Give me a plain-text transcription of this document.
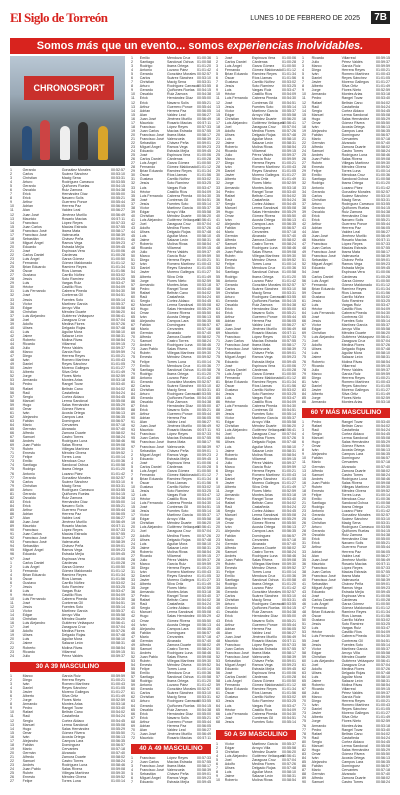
El Siglo de Torreón	LUNES 10 DE FEBRERO DE 2025	7B
Somos más que un evento... somos experiencias inolvidables.
CHRONOSPORT
1	Gerardo	González Morales	00:52:57
2	Carlos	Suárez Sánchez	00:53:10
3	Christian	Macig Sena	00:53:31
4	Arturo	Rodríguez Carrasco	00:53:55
5	Gerardo	Quiñones Ruelas	00:54:15
6	Osvaldo	Ruiz Zamora	00:54:38
7	Erick	Hernández Díaz	00:55:00
8	Erick	Navarro Solís	00:55:21
9	Arthur	Guerrero Ponce	00:55:44
10	Adrian	Herrera Paz	00:56:05
11	Alan	Valdez Leal	00:56:27
12	Juan José	Jiménez Murillo	00:56:49
13	Mauricio	Rosario Macías	00:57:11
14	Francisco	López Reyes	00:57:33
15	Juan Carlos	Macías Estrada	00:57:55
16	Francisco José	Ibarra Mata	00:58:17
17	Francisco José	Valenzuela	00:58:39
18	Sebastián	Chávez Peña	00:59:01
19	Miguel Ángel	Ramos Vega	00:59:23
20	Eduardo	Estrada Mejía	00:59:45
21	José	Espinoza Vera	01:00:06
22	Carlos Daniel	Cárdenas	01:00:28
23	Luis Ángel	Garza Gómez	01:00:50
24	Fernando	Gómez Maldonado	01:01:12
25	Brian Eduardo	Ramírez Reyes	01:01:34
26	Óscar	Ríos Llamas	01:01:56
27	Gustavo	Carrillo Núñez	00:53:02
28	Jesús	Soto Ramírez	00:53:25
29	Luis	Vargas Ruiz	00:53:47
30	Héctor	Castillo Ríos	00:54:09
31	Luis Fernando	Cabrera Pineda	00:54:30
32	José	Contreras Gil	00:54:51
33	Jesús	Fuentes Soto	00:55:14
34	Víctor	Martínez García	00:55:37
35	Edgar	Arroyo Villa	00:55:58
36	Christian	Méndez Duarte	00:56:20
37	Luis Alejandro	Gutiérrez Velázquez	00:56:41
38	Joel	Zaragoza Cruz	00:57:04
39	Adolfo	Medina Flores	00:57:26
40	Ulises	Delgado Rojas	00:57:48
41	Luis	Aguilar Mora	00:58:10
42	Jaime	Salazar León	00:58:31
43	Roberto	Molina Rivas	00:58:54
44	Ricardo	Villarreal	00:59:15
45	Julio	Pérez Valdés	00:59:37
46	Marco	García Ruiz	00:59:59
47	Diego	Herrera Reyes	01:00:21
48	Iván	Romero Martínez	01:00:43
49	Daniel	Reyes Sánchez	01:01:05
50	Javier	Moreno Gallegos	01:01:27
51	Alberto	Silva Ortiz	01:01:49
52	Jorge	Flores Nieto	00:52:59
53	Armando	Montes Arias	00:53:18
54	Pedro	Rangel Tovar	00:53:40
55	Rafael	Beltrán Cano	00:54:02
56	Raúl	Castañeda	00:54:24
57	Sergio	Cortez Aldaco	00:54:45
58	Manuel	Lerma Sandoval	00:55:08
59	Hugo	Salas Hernández	00:55:29
60	Omar	Gómez Rivera	00:55:50
61	Iván	Acosta Ortega	00:56:13
62	Alejandro	Campos Lara	00:56:35
63	Fabián	Domínguez	00:56:57
64	Mario	Cervantes	00:57:18
65	Germán	Alvarado	00:57:40
66	Alfredo	Zamora Duarte	00:58:02
67	Samuel	Castro Torres	00:58:24
68	Andrés	Rodríguez Luna	00:58:46
69	Juan Pablo	Salas Rivera	00:59:08
70	Rubén	Villegas Martínez	00:59:30
71	Ernesto	Méndez Olvera	00:59:52
72	Felipe	Torres Luna	01:00:14
73	Emilio	Mendoza Cruz	01:00:36
74	Santiago	Sandoval Ochoa	01:00:58
75	Rodrigo	Ibarra Ortega	01:01:20
76	Antonio	Lozano Páez	01:01:42
77	Gerardo	González Morales	00:52:57
78	Carlos	Suárez Sánchez	00:53:10
79	Christian	Macig Sena	00:53:31
80	Arturo	Rodríguez Carrasco	00:53:55
81	Gerardo	Quiñones Ruelas	00:54:15
82	Osvaldo	Ruiz Zamora	00:54:38
83	Erick	Hernández Díaz	00:55:00
84	Erick	Navarro Solís	00:55:21
85	Arthur	Guerrero Ponce	00:55:44
86	Adrian	Herrera Paz	00:56:05
87	Alan	Valdez Leal	00:56:27
88	Juan José	Jiménez Murillo	00:56:49
89	Mauricio	Rosario Macías	00:57:11
90	Francisco	López Reyes	00:57:33
91	Juan Carlos	Macías Estrada	00:57:55
92	Francisco José	Ibarra Mata	00:58:17
93	Francisco José	Valenzuela	00:58:39
94	Sebastián	Chávez Peña	00:59:01
95	Miguel Ángel	Ramos Vega	00:59:23
96	Eduardo	Estrada Mejía	00:59:45
97	José	Espinoza Vera	01:00:06
1	Carlos Daniel	Cárdenas	01:00:28
2	Luis Ángel	Garza Gómez	01:00:50
3	Fernando	Gómez Maldonado	01:01:12
4	Brian Eduardo	Ramírez Reyes	01:01:34
5	Óscar	Ríos Llamas	01:01:56
6	Gustavo	Carrillo Núñez	00:53:02
7	Jesús	Soto Ramírez	00:53:25
8	Luis	Vargas Ruiz	00:53:47
9	Héctor	Castillo Ríos	00:54:09
10	Luis Fernando	Cabrera Pineda	00:54:30
11	José	Contreras Gil	00:54:51
12	Jesús	Fuentes Soto	00:55:14
13	Víctor	Martínez García	00:55:37
14	Edgar	Arroyo Villa	00:55:58
15	Christian	Méndez Duarte	00:56:20
16	Luis Alejandro	Gutiérrez Velázquez	00:56:41
17	Joel	Zaragoza Cruz	00:57:04
18	Adolfo	Medina Flores	00:57:26
19	Ulises	Delgado Rojas	00:57:48
20	Luis	Aguilar Mora	00:58:10
21	Jaime	Salazar León	00:58:31
22	Roberto	Molina Rivas	00:58:54
23	Ricardo	Villarreal	00:59:15
24	Julio	Pérez Valdés	00:59:37
30 A 39 MASCULINO
1	Marco	García Ruiz	00:59:59
2	Diego	Herrera Reyes	01:00:21
3	Iván	Romero Martínez	01:00:43
4	Daniel	Reyes Sánchez	01:01:05
5	Javier	Moreno Gallegos	01:01:27
6	Alberto	Silva Ortiz	01:01:49
7	Jorge	Flores Nieto	00:52:59
8	Armando	Montes Arias	00:53:18
9	Pedro	Rangel Tovar	00:53:40
10	Rafael	Beltrán Cano	00:54:02
11	Raúl	Castañeda	00:54:24
12	Sergio	Cortez Aldaco	00:54:45
13	Manuel	Lerma Sandoval	00:55:08
14	Hugo	Salas Hernández	00:55:29
15	Omar	Gómez Rivera	00:55:50
16	Iván	Acosta Ortega	00:56:13
17	Alejandro	Campos Lara	00:56:35
18	Fabián	Domínguez	00:56:57
19	Mario	Cervantes	00:57:18
20	Germán	Alvarado	00:57:40
21	Alfredo	Zamora Duarte	00:58:02
22	Samuel	Castro Torres	00:58:24
23	Andrés	Rodríguez Luna	00:58:46
24	Juan Pablo	Salas Rivera	00:59:08
25	Rubén	Villegas Martínez	00:59:30
26	Ernesto	Méndez Olvera	00:59:52
27	Felipe	Torres Luna	01:00:14
1	Emilio	Mendoza Cruz	01:00:36
2	Santiago	Sandoval Ochoa 01:00:58
3	Rodrigo	Ibarra Ortega	01:01:20
4	Antonio	Lozano Páez	01:01:42
5	Gerardo	González Morales 00:52:57
6	Carlos	Suárez Sánchez	00:53:10
7	Christian	Macig Sena	00:53:31
8	Arturo	Rodríguez Carrasco
00:53:55
9	Gerardo	Quiñones Ruelas 00:54:15
10	Osvaldo	Ruiz Zamora	00:54:38
11	Erick	Hernández Díaz	00:55:00
12	Erick	Navarro Solís	00:55:21
13	Arthur	Guerrero Ponce	00:55:44
14	Adrian	Herrera Paz	00:56:05
15	Alan	Valdez Leal	00:56:27
16	Juan José	Jiménez Murillo	00:56:49
17	Mauricio	Rosario Macías	00:57:11
18	Francisco	López Reyes	00:57:33
19	Juan Carlos	Macías Estrada	00:57:55
20	Francisco José Ibarra Mata	00:58:17
21	Francisco José Valenzuela	00:58:39
22	Sebastián	Chávez Peña	00:59:01
23	Miguel Ángel	Ramos Vega	00:59:23
24	Eduardo	Estrada Mejía	00:59:45
25	José	Espinoza Vera	01:00:06
26	Carlos Daniel	Cárdenas	01:00:28
27	Luis Ángel	Garza Gómez	01:00:50
28	Fernando	Gómez Maldonado 01:01:12
29	Brian Eduardo	Ramírez Reyes	01:01:34
30	Óscar	Ríos Llamas	01:01:56
31	Gustavo	Carrillo Núñez	00:53:02
32	Jesús	Soto Ramírez	00:53:25
33	Luis	Vargas Ruiz	00:53:47
34	Héctor	Castillo Ríos	00:54:09
35	Luis Fernando	Cabrera Pineda	00:54:30
36	José	Contreras Gil	00:54:51
37	Jesús	Fuentes Soto	00:55:14
38	Víctor	Martínez García	00:55:37
39	Edgar	Arroyo Villa	00:55:58
40	Christian	Méndez Duarte	00:56:20
41	Luis Alejandro	Gutiérrez Velázquez
00:56:41
42	Joel	Zaragoza Cruz	00:57:04
43	Adolfo	Medina Flores	00:57:26
44	Ulises	Delgado Rojas	00:57:48
45	Luis	Aguilar Mora	00:58:10
46	Jaime	Salazar León	00:58:31
47	Roberto	Molina Rivas	00:58:54
48	Ricardo	Villarreal	00:59:15
49	Julio	Pérez Valdés	00:59:37
50	Marco	García Ruiz	00:59:59
51	Diego	Herrera Reyes	01:00:21
52	Iván	Romero Martínez 01:00:43
53	Daniel	Reyes Sánchez	01:01:05
54	Javier	Moreno Gallegos 01:01:27
55	Alberto	Silva Ortiz	01:01:49
56	Jorge	Flores Nieto	00:52:59
57	Armando	Montes Arias	00:53:18
58	Pedro	Rangel Tovar	00:53:40
59	Rafael	Beltrán Cano	00:54:02
60	Raúl	Castañeda	00:54:24
61	Sergio	Cortez Aldaco	00:54:45
62	Manuel	Lerma Sandoval	00:55:08
63	Hugo	Salas Hernández 00:55:29
64	Omar	Gómez Rivera	00:55:50
65	Iván	Acosta Ortega	00:56:13
66	Alejandro	Campos Lara	00:56:35
67	Fabián	Domínguez	00:56:57
68	Mario	Cervantes	00:57:18
69	Germán	Alvarado	00:57:40
70	Alfredo	Zamora Duarte	00:58:02
71	Samuel	Castro Torres	00:58:24
72	Andrés	Rodríguez Luna	00:58:46
73	Juan Pablo	Salas Rivera	00:59:08
74	Rubén	Villegas Martínez 00:59:30
75	Ernesto	Méndez Olvera	00:59:52
76	Felipe	Torres Luna	01:00:14
77	Emilio	Mendoza Cruz	01:00:36
78	Santiago	Sandoval Ochoa 01:00:58
79	Rodrigo	Ibarra Ortega	01:01:20
80	Antonio	Lozano Páez	01:01:42
81	Gerardo	González Morales 00:52:57
82	Carlos	Suárez Sánchez	00:53:10
83	Christian	Macig Sena	00:53:31
84	Arturo	Rodríguez Carrasco
00:53:55
85	Gerardo	Quiñones Ruelas 00:54:15
86	Osvaldo	Ruiz Zamora	00:54:38
87	Erick	Hernández Díaz	00:55:00
88	Erick	Navarro Solís	00:55:21
89	Arthur	Guerrero Ponce	00:55:44
90	Adrian	Herrera Paz	00:56:05
91	Alan	Valdez Leal	00:56:27
92	Juan José	Jiménez Murillo	00:56:49
93	Mauricio	Rosario Macías	00:57:11
94	Francisco	López Reyes	00:57:33
95	Juan Carlos	Macías Estrada	00:57:55
96	Francisco José Ibarra Mata	00:58:17
97	Francisco José Valenzuela	00:58:39
1	Sebastián	Chávez Peña	00:59:01
2	Miguel Ángel	Ramos Vega	00:59:23
3	Eduardo	Estrada Mejía	00:59:45
4	José	Espinoza Vera	01:00:06
5	Carlos Daniel	Cárdenas	01:00:28
6	Luis Ángel	Garza Gómez	01:00:50
7	Fernando	Gómez Maldonado 01:01:12
8	Brian Eduardo	Ramírez Reyes	01:01:34
9	Óscar	Ríos Llamas	01:01:56
10	Gustavo	Carrillo Núñez	00:53:02
11	Jesús	Soto Ramírez	00:53:25
12	Luis	Vargas Ruiz	00:53:47
13	Héctor	Castillo Ríos	00:54:09
14	Luis Fernando	Cabrera Pineda	00:54:30
15	José	Contreras Gil	00:54:51
16	Jesús	Fuentes Soto	00:55:14
17	Víctor	Martínez García	00:55:37
18	Edgar	Arroyo Villa	00:55:58
19	Christian	Méndez Duarte	00:56:20
20	Luis Alejandro	Gutiérrez Velázquez
00:56:41
21	Joel	Zaragoza Cruz	00:57:04
22	Adolfo	Medina Flores	00:57:26
23	Ulises	Delgado Rojas	00:57:48
24	Luis	Aguilar Mora	00:58:10
25	Jaime	Salazar León	00:58:31
26	Roberto	Molina Rivas	00:58:54
27	Ricardo	Villarreal	00:59:15
28	Julio	Pérez Valdés	00:59:37
29	Marco	García Ruiz	00:59:59
30	Diego	Herrera Reyes	01:00:21
31	Iván	Romero Martínez 01:00:43
32	Daniel	Reyes Sánchez	01:01:05
33	Javier	Moreno Gallegos 01:01:27
34	Alberto	Silva Ortiz	01:01:49
35	Jorge	Flores Nieto	00:52:59
36	Armando	Montes Arias	00:53:18
37	Pedro	Rangel Tovar	00:53:40
38	Rafael	Beltrán Cano	00:54:02
39	Raúl	Castañeda	00:54:24
40	Sergio	Cortez Aldaco	00:54:45
41	Manuel	Lerma Sandoval	00:55:08
42	Hugo	Salas Hernández 00:55:29
43	Omar	Gómez Rivera	00:55:50
44	Iván	Acosta Ortega	00:56:13
45	Alejandro	Campos Lara	00:56:35
46	Fabián	Domínguez	00:56:57
47	Mario	Cervantes	00:57:18
48	Germán	Alvarado	00:57:40
49	Alfredo	Zamora Duarte	00:58:02
50	Samuel	Castro Torres	00:58:24
51	Andrés	Rodríguez Luna	00:58:46
52	Juan Pablo	Salas Rivera	00:59:08
53	Rubén	Villegas Martínez 00:59:30
54	Ernesto	Méndez Olvera	00:59:52
55	Felipe	Torres Luna	01:00:14
56	Emilio	Mendoza Cruz	01:00:36
57	Santiago	Sandoval Ochoa 01:00:58
58	Rodrigo	Ibarra Ortega	01:01:20
59	Antonio	Lozano Páez	01:01:42
60	Gerardo	González Morales 00:52:57
61	Carlos	Suárez Sánchez	00:53:10
62	Christian	Macig Sena	00:53:31
63	Arturo	Rodríguez Carrasco
00:53:55
64	Gerardo	Quiñones Ruelas 00:54:15
65	Osvaldo	Ruiz Zamora	00:54:38
66	Erick	Hernández Díaz	00:55:00
67	Erick	Navarro Solís	00:55:21
68	Arthur	Guerrero Ponce	00:55:44
69	Adrian	Herrera Paz	00:56:05
70	Alan	Valdez Leal	00:56:27
71	Juan José	Jiménez Murillo	00:56:49
72	Mauricio	Rosario Macías	00:57:11
40 A 49 MASCULINO
1	Francisco	López Reyes	00:57:33
2	Juan Carlos	Macías Estrada	00:57:55
3	Francisco José Ibarra Mata	00:58:17
4	Francisco José Valenzuela	00:58:39
5	Sebastián	Chávez Peña	00:59:01
6	Miguel Ángel	Ramos Vega	00:59:23
7	Eduardo	Estrada Mejía	00:59:45
1	José	Espinoza Vera	01:00:06
2	Carlos Daniel	Cárdenas	01:00:28
3	Luis Ángel	Garza Gómez	01:00:50
4	Fernando	Gómez Maldonado 01:01:12
5	Brian Eduardo	Ramírez Reyes	01:01:34
6	Óscar	Ríos Llamas	01:01:56
7	Gustavo	Carrillo Núñez	00:53:02
8	Jesús	Soto Ramírez	00:53:25
9	Luis	Vargas Ruiz	00:53:47
10	Héctor	Castillo Ríos	00:54:09
11	Luis Fernando	Cabrera Pineda	00:54:30
12	José	Contreras Gil	00:54:51
13	Jesús	Fuentes Soto	00:55:14
14	Víctor	Martínez García	00:55:37
15	Edgar	Arroyo Villa	00:55:58
16	Christian	Méndez Duarte	00:56:20
17	Luis Alejandro	Gutiérrez Velázquez
00:56:41
18	Joel	Zaragoza Cruz	00:57:04
19	Adolfo	Medina Flores	00:57:26
20	Ulises	Delgado Rojas	00:57:48
21	Luis	Aguilar Mora	00:58:10
22	Jaime	Salazar León	00:58:31
23	Roberto	Molina Rivas	00:58:54
24	Ricardo	Villarreal	00:59:15
25	Julio	Pérez Valdés	00:59:37
26	Marco	García Ruiz	00:59:59
27	Diego	Herrera Reyes	01:00:21
28	Iván	Romero Martínez 01:00:43
29	Daniel	Reyes Sánchez	01:01:05
30	Javier	Moreno Gallegos 01:01:27
31	Alberto	Silva Ortiz	01:01:49
32	Jorge	Flores Nieto	00:52:59
33	Armando	Montes Arias	00:53:18
34	Pedro	Rangel Tovar	00:53:40
35	Rafael	Beltrán Cano	00:54:02
36	Raúl	Castañeda	00:54:24
37	Sergio	Cortez Aldaco	00:54:45
38	Manuel	Lerma Sandoval	00:55:08
39	Hugo	Salas Hernández 00:55:29
40	Omar	Gómez Rivera	00:55:50
41	Iván	Acosta Ortega	00:56:13
42	Alejandro	Campos Lara	00:56:35
43	Fabián	Domínguez	00:56:57
44	Mario	Cervantes	00:57:18
45	Germán	Alvarado	00:57:40
46	Alfredo	Zamora Duarte	00:58:02
47	Samuel	Castro Torres	00:58:24
48	Andrés	Rodríguez Luna	00:58:46
49	Juan Pablo	Salas Rivera	00:59:08
50	Rubén	Villegas Martínez 00:59:30
51	Ernesto	Méndez Olvera	00:59:52
52	Felipe	Torres Luna	01:00:14
53	Emilio	Mendoza Cruz	01:00:36
54	Santiago	Sandoval Ochoa 01:00:58
55	Rodrigo	Ibarra Ortega	01:01:20
56	Antonio	Lozano Páez	01:01:42
57	Gerardo	González Morales 00:52:57
58	Carlos	Suárez Sánchez	00:53:10
59	Christian	Macig Sena	00:53:31
60	Arturo	Rodríguez Carrasco
00:53:55
61	Gerardo	Quiñones Ruelas 00:54:15
62	Osvaldo	Ruiz Zamora	00:54:38
63	Erick	Hernández Díaz	00:55:00
64	Erick	Navarro Solís	00:55:21
65	Arthur	Guerrero Ponce	00:55:44
66	Adrian	Herrera Paz	00:56:05
67	Alan	Valdez Leal	00:56:27
68	Juan José	Jiménez Murillo	00:56:49
69	Mauricio	Rosario Macías	00:57:11
70	Francisco	López Reyes	00:57:33
71	Juan Carlos	Macías Estrada	00:57:55
72	Francisco José Ibarra Mata	00:58:17
73	Francisco José Valenzuela	00:58:39
74	Sebastián	Chávez Peña	00:59:01
75	Miguel Ángel	Ramos Vega	00:59:23
76	Eduardo	Estrada Mejía	00:59:45
77	José	Espinoza Vera	01:00:06
78	Carlos Daniel	Cárdenas	01:00:28
79	Luis Ángel	Garza Gómez	01:00:50
80	Fernando	Gómez Maldonado 01:01:12
81	Brian Eduardo	Ramírez Reyes	01:01:34
82	Óscar	Ríos Llamas	01:01:56
83	Gustavo	Carrillo Núñez	00:53:02
84	Jesús	Soto Ramírez	00:53:25
85	Luis	Vargas Ruiz	00:53:47
86	Héctor	Castillo Ríos	00:54:09
87	Luis Fernando	Cabrera Pineda	00:54:30
88	José	Contreras Gil	00:54:51
89	Jesús	Fuentes Soto	00:55:14
90	Víctor	Martínez García	00:55:37
91	Edgar	Arroyo Villa	00:55:58
92	Christian	Méndez Duarte	00:56:20
93	Luis Alejandro	Gutiérrez Velázquez
00:56:41
94	Joel	Zaragoza Cruz	00:57:04
95	Adolfo	Medina Flores	00:57:26
96	Ulises	Delgado Rojas	00:57:48
97	Luis	Aguilar Mora	00:58:10
1	Jaime	Salazar León	00:58:31
2	Roberto	Molina Rivas	00:58:54
3	Ricardo	Villarreal	00:59:15
4	Julio	Pérez Valdés	00:59:37
5	Marco	García Ruiz	00:59:59
6	Diego	Herrera Reyes	01:00:21
7	Iván	Romero Martínez 01:00:43
8	Daniel	Reyes Sánchez	01:01:05
9	Javier	Moreno Gallegos 01:01:27
10	Alberto	Silva Ortiz	01:01:49
11	Jorge	Flores Nieto	00:52:59
12	Armando	Montes Arias	00:53:18
13	Pedro	Rangel Tovar	00:53:40
14	Rafael	Beltrán Cano	00:54:02
15	Raúl	Castañeda	00:54:24
16	Sergio	Cortez Aldaco	00:54:45
17	Manuel	Lerma Sandoval	00:55:08
18	Hugo	Salas Hernández 00:55:29
19	Omar	Gómez Rivera	00:55:50
20	Iván	Acosta Ortega	00:56:13
21	Alejandro	Campos Lara	00:56:35
22	Fabián	Domínguez	00:56:57
23	Mario	Cervantes	00:57:18
24	Germán	Alvarado	00:57:40
25	Alfredo	Zamora Duarte	00:58:02
26	Samuel	Castro Torres	00:58:24
27	Andrés	Rodríguez Luna	00:58:46
28	Juan Pablo	Salas Rivera	00:59:08
29	Rubén	Villegas Martínez 00:59:30
30	Ernesto	Méndez Olvera	00:59:52
31	Felipe	Torres Luna	01:00:14
32	Emilio	Mendoza Cruz	01:00:36
33	Santiago	Sandoval Ochoa 01:00:58
34	Rodrigo	Ibarra Ortega	01:01:20
35	Antonio	Lozano Páez	01:01:42
36	Gerardo	González Morales 00:52:57
37	Carlos	Suárez Sánchez	00:53:10
38	Christian	Macig Sena	00:53:31
39	Arturo	Rodríguez Carrasco
00:53:55
40	Gerardo	Quiñones Ruelas 00:54:15
41	Osvaldo	Ruiz Zamora	00:54:38
42	Erick	Hernández Díaz	00:55:00
43	Erick	Navarro Solís	00:55:21
44	Arthur	Guerrero Ponce	00:55:44
45	Adrian	Herrera Paz	00:56:05
46	Alan	Valdez Leal	00:56:27
47	Juan José	Jiménez Murillo	00:56:49
48	Mauricio	Rosario Macías	00:57:11
49	Francisco	López Reyes	00:57:33
50	Juan Carlos	Macías Estrada	00:57:55
51	Francisco José Ibarra Mata	00:58:17
52	Francisco José Valenzuela	00:58:39
53	Sebastián	Chávez Peña	00:59:01
54	Miguel Ángel	Ramos Vega	00:59:23
55	Eduardo	Estrada Mejía	00:59:45
56	José	Espinoza Vera	01:00:06
57	Carlos Daniel	Cárdenas	01:00:28
58	Luis Ángel	Garza Gómez	01:00:50
59	Fernando	Gómez Maldonado 01:01:12
60	Brian Eduardo	Ramírez Reyes	01:01:34
61	Óscar	Ríos Llamas	01:01:56
62	Gustavo	Carrillo Núñez	00:53:02
63	Jesús	Soto Ramírez	00:53:25
64	Luis	Vargas Ruiz	00:53:47
65	Héctor	Castillo Ríos	00:54:09
66	Luis Fernando	Cabrera Pineda	00:54:30
67	José	Contreras Gil	00:54:51
68	Jesús	Fuentes Soto	00:55:14
50 A 59 MASCULINO
1	Víctor	Martínez García	00:55:37
2	Edgar	Arroyo Villa	00:55:58
3	Christian	Méndez Duarte	00:56:20
4	Luis Alejandro	Gutiérrez Velázquez
00:56:41
5	Joel	Zaragoza Cruz	00:57:04
6	Adolfo	Medina Flores	00:57:26
7	Ulises	Delgado Rojas	00:57:48
8	Luis	Aguilar Mora	00:58:10
9	Jaime	Salazar León	00:58:31
10	Roberto	Molina Rivas	00:58:54
1	Ricardo	Villarreal	00:59:15
2	Julio	Pérez Valdés	00:59:37
3	Marco	García Ruiz	00:59:59
4	Diego	Herrera Reyes	01:00:21
5	Iván	Romero Martínez	01:00:43
6	Daniel	Reyes Sánchez	01:01:05
7	Javier	Moreno Gallegos	01:01:27
8	Alberto	Silva Ortiz	01:01:49
9	Jorge	Flores Nieto	00:52:59
10	Armando	Montes Arias	00:53:18
11	Pedro	Rangel Tovar	00:53:40
12	Rafael	Beltrán Cano	00:54:02
13	Raúl	Castañeda	00:54:24
14	Sergio	Cortez Aldaco	00:54:45
15	Manuel	Lerma Sandoval	00:55:08
16	Hugo	Salas Hernández	00:55:29
17	Omar	Gómez Rivera	00:55:50
18	Iván	Acosta Ortega	00:56:13
19	Alejandro	Campos Lara	00:56:35
20	Fabián	Domínguez	00:56:57
21	Mario	Cervantes	00:57:18
22	Germán	Alvarado	00:57:40
23	Alfredo	Zamora Duarte	00:58:02
24	Samuel	Castro Torres	00:58:24
25	Andrés	Rodríguez Luna	00:58:46
26	Juan Pablo	Salas Rivera	00:59:08
27	Rubén	Villegas Martínez	00:59:30
28	Ernesto	Méndez Olvera	00:59:52
29	Felipe	Torres Luna	01:00:14
30	Emilio	Mendoza Cruz	01:00:36
31	Santiago	Sandoval Ochoa	01:00:58
32	Rodrigo	Ibarra Ortega	01:01:20
33	Antonio	Lozano Páez	01:01:42
34	Gerardo	González Morales	00:52:57
35	Carlos	Suárez Sánchez	00:53:10
36	Christian	Macig Sena	00:53:31
37	Arturo	Rodríguez Carrasco 00:53:55
38	Gerardo	Quiñones Ruelas	00:54:15
39	Osvaldo	Ruiz Zamora	00:54:38
40	Erick	Hernández Díaz	00:55:00
41	Erick	Navarro Solís	00:55:21
42	Arthur	Guerrero Ponce	00:55:44
43	Adrian	Herrera Paz	00:56:05
44	Alan	Valdez Leal	00:56:27
45	Juan José	Jiménez Murillo	00:56:49
46	Mauricio	Rosario Macías	00:57:11
47	Francisco	López Reyes	00:57:33
48	Juan Carlos	Macías Estrada	00:57:55
49	Francisco José	Ibarra Mata	00:58:17
50	Francisco José	Valenzuela	00:58:39
51	Sebastián	Chávez Peña	00:59:01
52	Miguel Ángel	Ramos Vega	00:59:23
53	Eduardo	Estrada Mejía	00:59:45
54	José	Espinoza Vera	01:00:06
55	Carlos Daniel	Cárdenas	01:00:28
56	Luis Ángel	Garza Gómez	01:00:50
57	Fernando	Gómez Maldonado	01:01:12
58	Brian Eduardo	Ramírez Reyes	01:01:34
59	Óscar	Ríos Llamas	01:01:56
60	Gustavo	Carrillo Núñez	00:53:02
61	Jesús	Soto Ramírez	00:53:25
62	Luis	Vargas Ruiz	00:53:47
63	Héctor	Castillo Ríos	00:54:09
64	Luis Fernando	Cabrera Pineda	00:54:30
65	José	Contreras Gil	00:54:51
66	Jesús	Fuentes Soto	00:55:14
67	Víctor	Martínez García	00:55:37
68	Edgar	Arroyo Villa	00:55:58
69	Christian	Méndez Duarte	00:56:20
70	Luis Alejandro	Gutiérrez Velázquez 00:56:41
71	Joel	Zaragoza Cruz	00:57:04
72	Adolfo	Medina Flores	00:57:26
73	Ulises	Delgado Rojas	00:57:48
74	Luis	Aguilar Mora	00:58:10
75	Jaime	Salazar León	00:58:31
76	Roberto	Molina Rivas	00:58:54
77	Ricardo	Villarreal	00:59:15
78	Julio	Pérez Valdés	00:59:37
79	Marco	García Ruiz	00:59:59
80	Diego	Herrera Reyes	01:00:21
81	Iván	Romero Martínez	01:00:43
82	Daniel	Reyes Sánchez	01:01:05
83	Javier	Moreno Gallegos	01:01:27
84	Alberto	Silva Ortiz	01:01:49
85	Jorge	Flores Nieto	00:52:59
86	Armando	Montes Arias	00:53:18
60 Y MÁS MASCULINO
1	Pedro	Rangel Tovar	00:53:40
2	Rafael	Beltrán Cano	00:54:02
3	Raúl	Castañeda	00:54:24
4	Sergio	Cortez Aldaco	00:54:45
5	Manuel	Lerma Sandoval	00:55:08
6	Hugo	Salas Hernández	00:55:29
7	Omar	Gómez Rivera	00:55:50
8	Iván	Acosta Ortega	00:56:13
9	Alejandro	Campos Lara	00:56:35
10	Fabián	Domínguez	00:56:57
11	Mario	Cervantes	00:57:18
12	Germán	Alvarado	00:57:40
13	Alfredo	Zamora Duarte	00:58:02
14	Samuel	Castro Torres	00:58:24
15	Andrés	Rodríguez Luna	00:58:46
16	Juan Pablo	Salas Rivera	00:59:08
17	Rubén	Villegas Martínez	00:59:30
18	Ernesto	Méndez Olvera	00:59:52
19	Felipe	Torres Luna	01:00:14
20	Emilio	Mendoza Cruz	01:00:36
21	Santiago	Sandoval Ochoa	01:00:58
22	Rodrigo	Ibarra Ortega	01:01:20
23	Antonio	Lozano Páez	01:01:42
24	Gerardo	González Morales	00:52:57
25	Carlos	Suárez Sánchez	00:53:10
26	Christian	Macig Sena	00:53:31
27	Arturo	Rodríguez Carrasco 00:53:55
28	Gerardo	Quiñones Ruelas	00:54:15
29	Osvaldo	Ruiz Zamora	00:54:38
30	Erick	Hernández Díaz	00:55:00
31	Erick	Navarro Solís	00:55:21
32	Arthur	Guerrero Ponce	00:55:44
33	Adrian	Herrera Paz	00:56:05
34	Alan	Valdez Leal	00:56:27
35	Juan José	Jiménez Murillo	00:56:49
36	Mauricio	Rosario Macías	00:57:11
37	Francisco	López Reyes	00:57:33
38	Juan Carlos	Macías Estrada	00:57:55
39	Francisco José	Ibarra Mata	00:58:17
40	Francisco José	Valenzuela	00:58:39
41	Sebastián	Chávez Peña	00:59:01
42	Miguel Ángel	Ramos Vega	00:59:23
43	Eduardo	Estrada Mejía	00:59:45
44	José	Espinoza Vera	01:00:06
45	Carlos Daniel	Cárdenas	01:00:28
46	Luis Ángel	Garza Gómez	01:00:50
47	Fernando	Gómez Maldonado	01:01:12
48	Brian Eduardo	Ramírez Reyes	01:01:34
49	Óscar	Ríos Llamas	01:01:56
50	Gustavo	Carrillo Núñez	00:53:02
51	Jesús	Soto Ramírez	00:53:25
52	Luis	Vargas Ruiz	00:53:47
53	Héctor	Castillo Ríos	00:54:09
54	Luis Fernando	Cabrera Pineda	00:54:30
55	José	Contreras Gil	00:54:51
56	Jesús	Fuentes Soto	00:55:14
57	Víctor	Martínez García	00:55:37
58	Edgar	Arroyo Villa	00:55:58
59	Christian	Méndez Duarte	00:56:20
60	Luis Alejandro	Gutiérrez Velázquez 00:56:41
61	Joel	Zaragoza Cruz	00:57:04
62	Adolfo	Medina Flores	00:57:26
63	Ulises	Delgado Rojas	00:57:48
64	Luis	Aguilar Mora	00:58:10
65	Jaime	Salazar León	00:58:31
66	Roberto	Molina Rivas	00:58:54
67	Ricardo	Villarreal	00:59:15
68	Julio	Pérez Valdés	00:59:37
69	Marco	García Ruiz	00:59:59
70	Diego	Herrera Reyes	01:00:21
71	Iván	Romero Martínez	01:00:43
72	Daniel	Reyes Sánchez	01:01:05
73	Javier	Moreno Gallegos	01:01:27
74	Alberto	Silva Ortiz	01:01:49
75	Jorge	Flores Nieto	00:52:59
76	Armando	Montes Arias	00:53:18
77	Pedro	Rangel Tovar	00:53:40
78	Rafael	Beltrán Cano	00:54:02
79	Raúl	Castañeda	00:54:24
80	Sergio	Cortez Aldaco	00:54:45
81	Manuel	Lerma Sandoval	00:55:08
82	Hugo	Salas Hernández	00:55:29
83	Omar	Gómez Rivera	00:55:50
84	Iván	Acosta Ortega	00:56:13
85	Alejandro	Campos Lara	00:56:35
86	Fabián	Domínguez	00:56:57
87	Mario	Cervantes	00:57:18
88	Germán	Alvarado	00:57:40
89	Alfredo	Zamora Duarte	00:58:02
90	Samuel	Castro Torres	00:58:24
